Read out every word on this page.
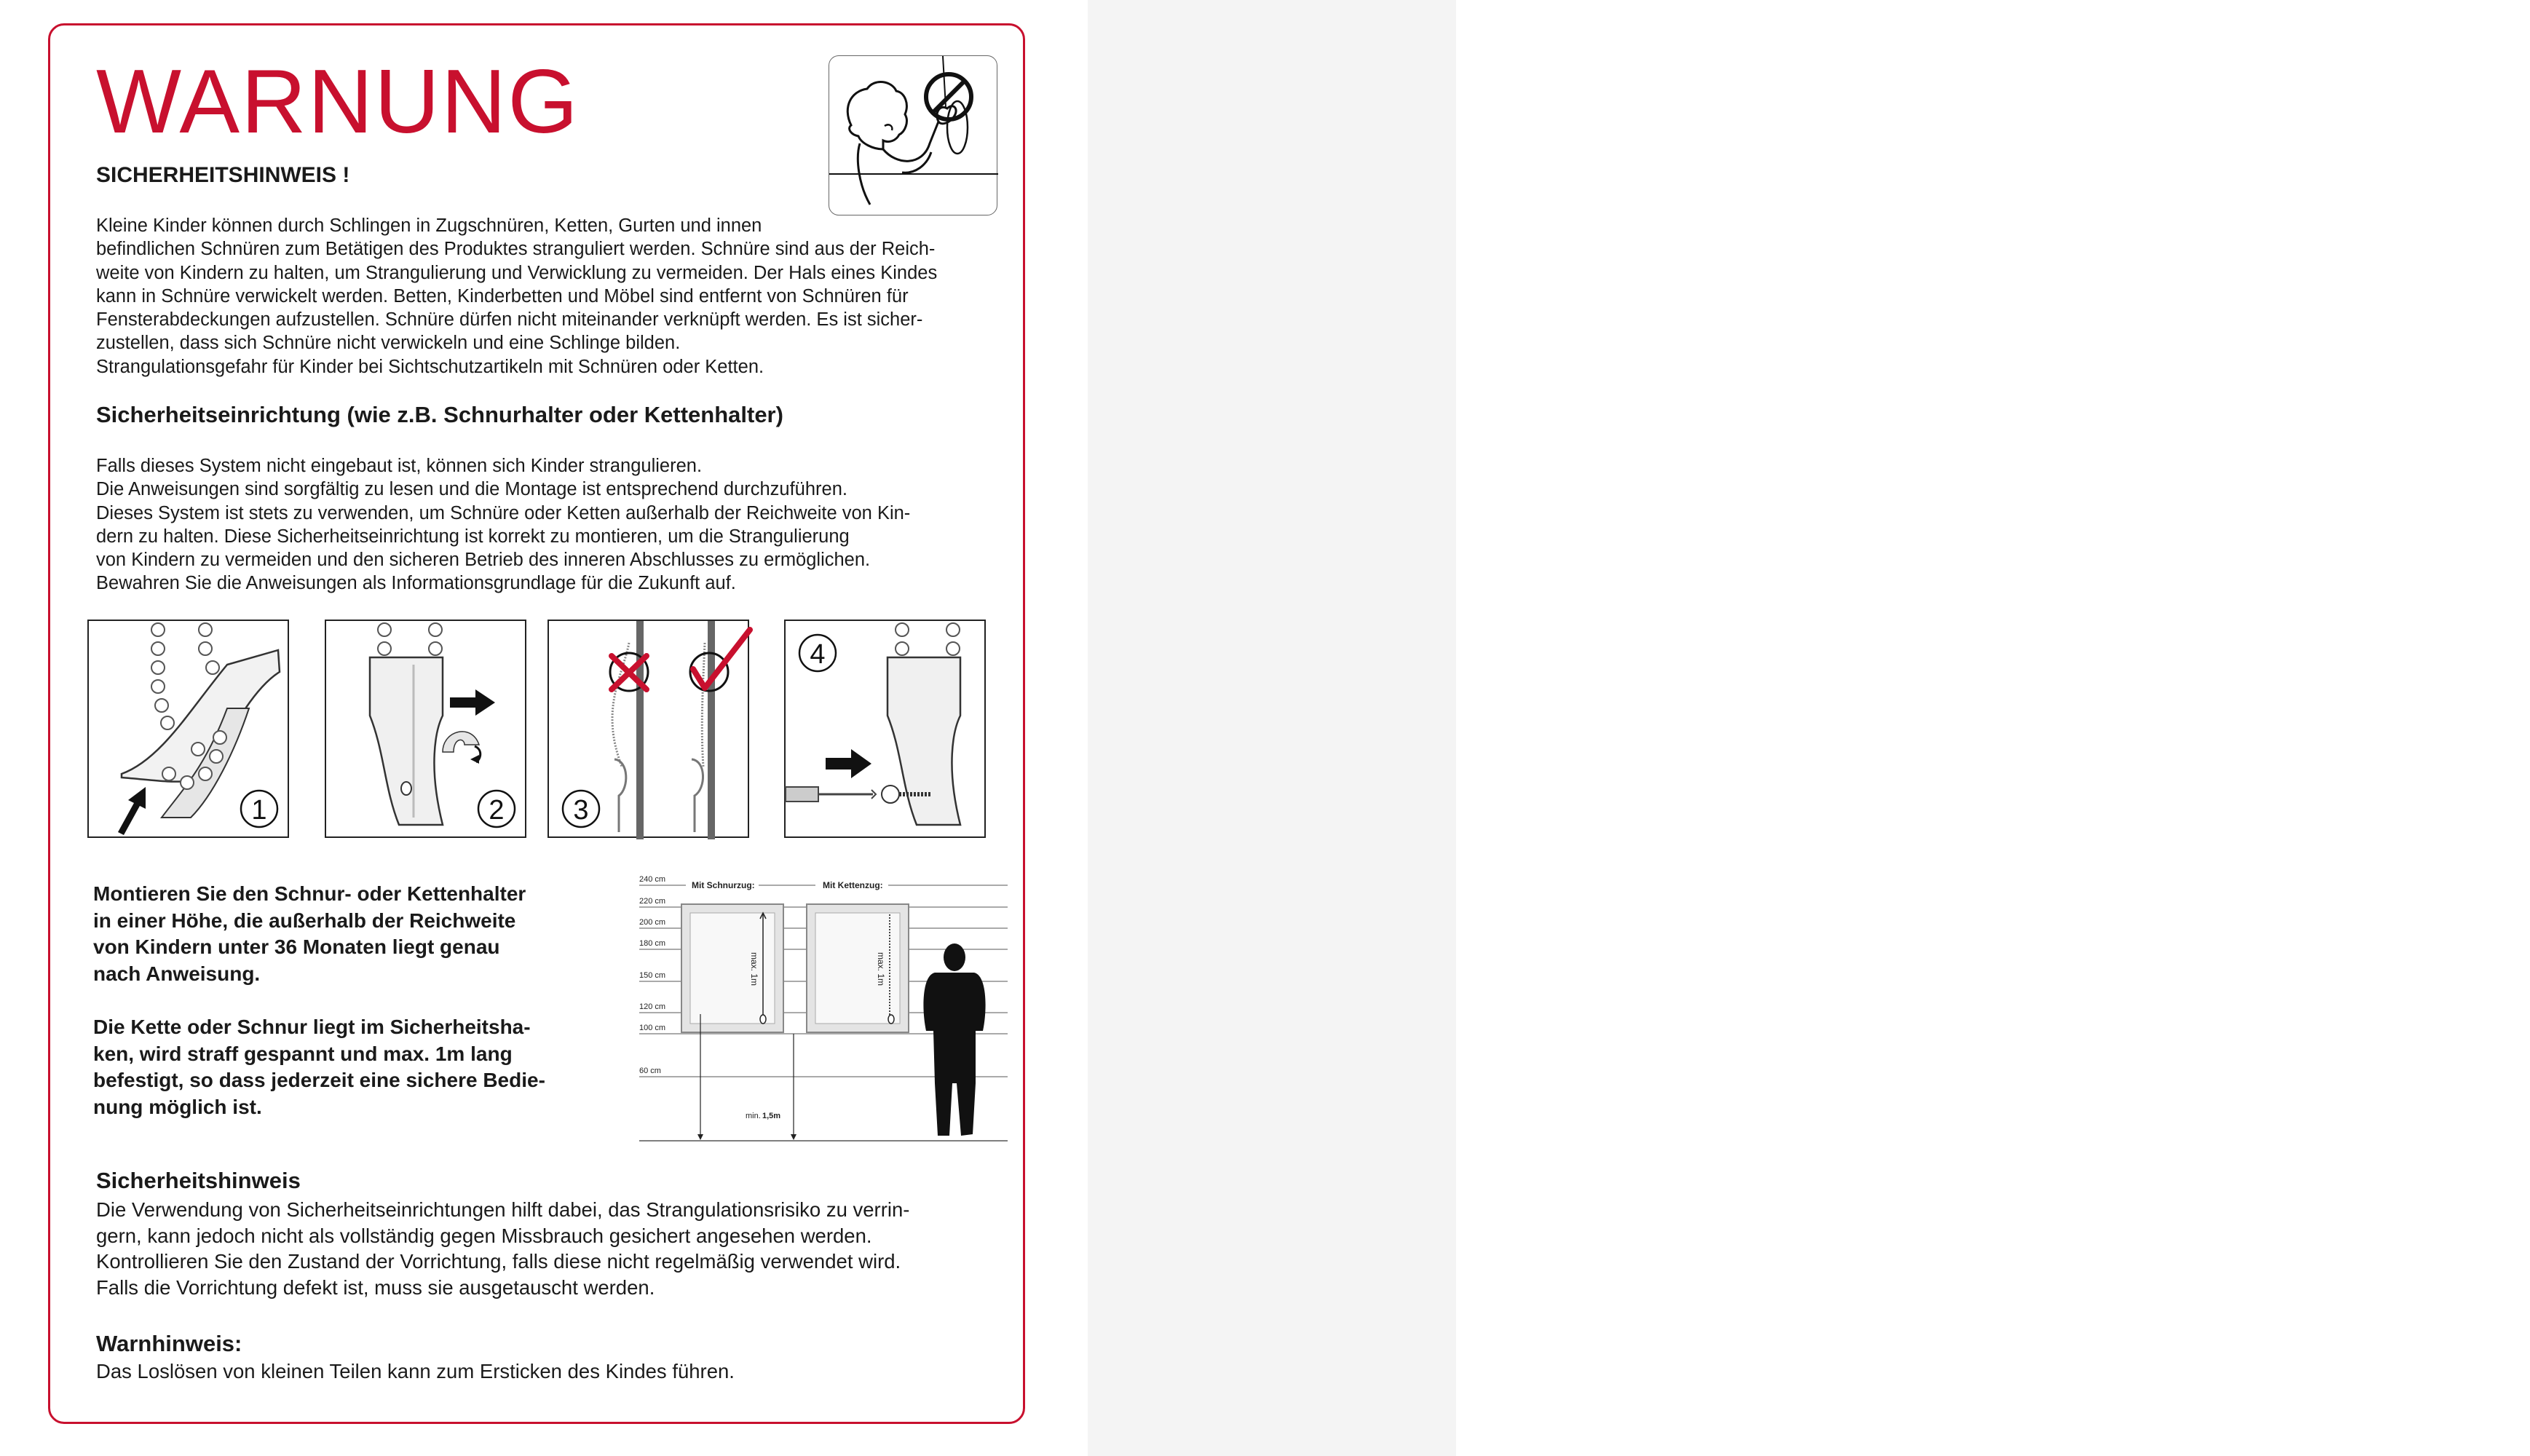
Montage
WARNUNG
SICHERHEITSHINWEIS !
Kleine Kinder können durch Schlingen in Zugschnüren, Ketten, Gurten und innen
befindlichen Schnüren zum Betätigen des Produktes stranguliert werden. Schnüre sind aus der Reich-
weite von Kindern zu halten, um Strangulierung und Verwicklung zu vermeiden. Der Hals eines Kindes
kann in Schnüre verwickelt werden. Betten, Kinderbetten und Möbel sind entfernt von Schnüren für
Fensterabdeckungen aufzustellen. Schnüre dürfen nicht miteinander verknüpft werden. Es ist sicher-
zustellen, dass sich Schnüre nicht verwickeln und eine Schlinge bilden.
Strangulationsgefahr für Kinder bei Sichtschutzartikeln mit Schnüren oder Ketten.
Sicherheitseinrichtung (wie z.B. Schnurhalter oder Kettenhalter)
Falls dieses System nicht eingebaut ist, können sich Kinder strangulieren.
Die Anweisungen sind sorgfältig zu lesen und die Montage ist entsprechend durchzuführen.
Dieses System ist stets zu verwenden, um Schnüre oder Ketten außerhalb der Reichweite von Kin-
dern zu halten. Diese Sicherheitseinrichtung ist korrekt zu montieren, um die Strangulierung
von Kindern zu vermeiden und den sicheren Betrieb des inneren Abschlusses zu ermöglichen.
Bewahren Sie die Anweisungen als Informationsgrundlage für die Zukunft auf.
1	2 3
4
Montieren Sie den Schnur- oder Kettenhalter
in einer Höhe, die außerhalb der Reichweite
von Kindern unter 36 Monaten liegt genau
nach Anweisung.
Die Kette oder Schnur liegt im Sicherheitsha-
ken, wird straff gespannt und max. 1m lang
befestigt, so dass jederzeit eine sichere Bedie-
nung möglich ist.
240 cm
220 cm
200 cm
180 cm
150 cm
120 cm
100 cm
60 cm
Mit Schnurzug:	Mit Kettenzug:
max. 1m	max. 1m
min. 1,5m
Sicherheitshinweis
Die Verwendung von Sicherheitseinrichtungen hilft dabei, das Strangulationsrisiko zu verrin-
gern, kann jedoch nicht als vollständig gegen Missbrauch gesichert angesehen werden.
Kontrollieren Sie den Zustand der Vorrichtung, falls diese nicht regelmäßig verwendet wird.
Falls die Vorrichtung defekt ist, muss sie ausgetauscht werden.
Warnhinweis:
Das Loslösen von kleinen Teilen kann zum Ersticken des Kindes führen.
